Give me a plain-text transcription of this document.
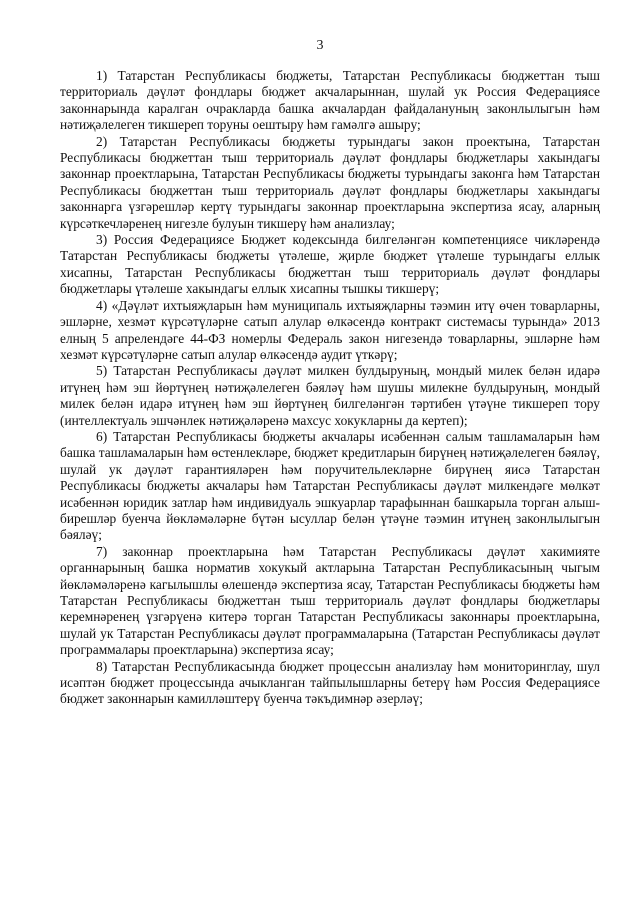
3

1) Татарстан Республикасы бюджеты, Татарстан Республикасы бюджеттан тыш территориаль дәүләт фондлары бюджет акчаларыннан, шулай ук Россия Федерациясе законнарында каралган очракларда башка акчалардан файдалануның законлылыгын һәм нәтиҗәлелеген тикшереп торуны оештыру һәм гамәлгә ашыру;

2) Татарстан Республикасы бюджеты турындагы закон проектына, Татарстан Республикасы бюджеттан тыш территориаль дәүләт фондлары бюджетлары хакындагы законнар проектларына, Татарстан Республикасы бюджеты турындагы законга һәм Татарстан Республикасы бюджеттан тыш территориаль дәүләт фондлары бюджетлары хакындагы законнарга үзгәрешләр кертү турындагы законнар проектларына экспертиза ясау, аларның күрсәткечләренең нигезле булуын тикшерү һәм анализлау;

3) Россия Федерациясе Бюджет кодексында билгеләнгән компетенциясе чикләрендә Татарстан Республикасы бюджеты үтәлеше, җирле бюджет үтәлеше турындагы еллык хисапны, Татарстан Республикасы бюджеттан тыш территориаль дәүләт фондлары бюджетлары үтәлеше хакындагы еллык хисапны тышкы тикшерү;

4) «Дәүләт ихтыяҗларын һәм муниципаль ихтыяҗларны тәэмин итү өчен товарларны, эшләрне, хезмәт күрсәтүләрне сатып алулар өлкәсендә контракт системасы турында» 2013 елның 5 апрелендәге 44-ФЗ номерлы Федераль закон нигезендә товарларны, эшләрне һәм хезмәт күрсәтүләрне сатып алулар өлкәсендә аудит үткәрү;

5) Татарстан Республикасы дәүләт милкен булдыруның, мондый милек белән идарә итүнең һәм эш йөртүнең нәтиҗәлелеген бәяләү һәм шушы милекне булдыруның, мондый милек белән идарә итүнең һәм эш йөртүнең билгеләнгән тәртибен үтәүне тикшереп тору (интеллектуаль эшчәнлек нәтиҗәләренә махсус хокукларны да кертеп);

6) Татарстан Республикасы бюджеты акчалары исәбеннән салым ташламаларын һәм башка ташламаларын һәм өстенлекләре, бюджет кредитларын бирүнең нәтиҗәлелеген бәяләү, шулай ук дәүләт гарантияләрен һәм поручительлекләрне бирүнең яисә Татарстан Республикасы бюджеты акчалары һәм Татарстан Республикасы дәүләт милкендәге мөлкәт исәбеннән юридик затлар һәм индивидуаль эшкуарлар тарафыннан башкарыла торган алыш-бирешләр буенча йөкләмәләрне бүтән ысуллар белән үтәүне тәэмин итүнең законлылыгын бәяләү;

7) законнар проектларына һәм Татарстан Республикасы дәүләт хакимияте органнарының башка норматив хокукый актларына Татарстан Республикасының чыгым йөкләмәләренә кагылышлы өлешендә экспертиза ясау, Татарстан Республикасы бюджеты һәм Татарстан Республикасы бюджеттан тыш территориаль дәүләт фондлары бюджетлары керемнәренең үзгәрүенә китерә торган Татарстан Республикасы законнары проектларына, шулай ук Татарстан Республикасы дәүләт программаларына (Татарстан Республикасы дәүләт программалары проектларына) экспертиза ясау;

8) Татарстан Республикасында бюджет процессын анализлау һәм мониторинглау, шул исәптән бюджет процессында ачыкланган тайпылышларны бетерү һәм Россия Федерациясе бюджет законнарын камилләштерү буенча тәкъдимнәр әзерләү;
